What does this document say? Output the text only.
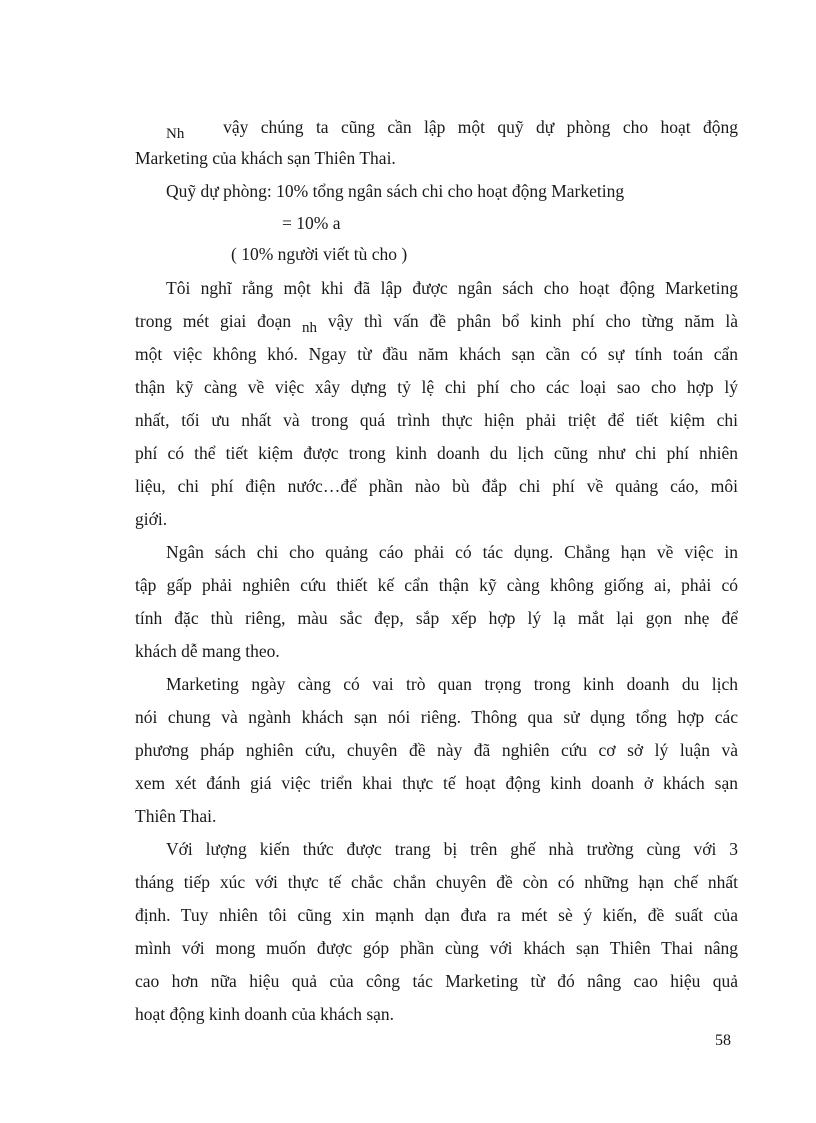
Nh vậy chúng ta cũng cần lập một quỹ dự phòng cho hoạt động
Marketing của khách sạn Thiên Thai.
Quỹ dự phòng: 10% tổng ngân sách chi cho hoạt động Marketing
= 10% a
( 10% người viết tù cho )
Tôi nghĩ rằng một khi đã lập được ngân sách cho hoạt động Marketing
trong mét giai đoạn nh vậy thì vấn đề phân bổ kinh phí cho từng năm là
một việc không khó. Ngay từ đầu năm khách sạn cần có sự tính toán cẩn
thận kỹ càng về việc xây dựng tỷ lệ chi phí cho các loại sao cho hợp lý
nhất, tối ưu nhất và trong quá trình thực hiện phải triệt để tiết kiệm chi
phí có thể tiết kiệm được trong kinh doanh du lịch cũng như chi phí nhiên
liệu, chi phí điện nước…để phần nào bù đắp chi phí về quảng cáo, môi
giới.
Ngân sách chi cho quảng cáo phải có tác dụng. Chẳng hạn về việc in
tập gấp phải nghiên cứu thiết kế cẩn thận kỹ càng không giống ai, phải có
tính đặc thù riêng, màu sắc đẹp, sắp xếp hợp lý lạ mắt lại gọn nhẹ để
khách dễ mang theo.
Marketing ngày càng có vai trò quan trọng trong kinh doanh du lịch
nói chung và ngành khách sạn nói riêng. Thông qua sử dụng tổng hợp các
phương pháp nghiên cứu, chuyên đề này đã nghiên cứu cơ sở lý luận và
xem xét đánh giá việc triển khai thực tế hoạt động kinh doanh ở khách sạn
Thiên Thai.
Với lượng kiến thức được trang bị trên ghế nhà trường cùng với 3
tháng tiếp xúc với thực tế chắc chắn chuyên đề còn có những hạn chế nhất
định. Tuy nhiên tôi cũng xin mạnh dạn đưa ra mét sè ý kiến, đề suất của
mình với mong muốn được góp phần cùng với khách sạn Thiên Thai nâng
cao hơn nữa hiệu quả của công tác Marketing từ đó nâng cao hiệu quả
hoạt động kinh doanh của khách sạn.
58
